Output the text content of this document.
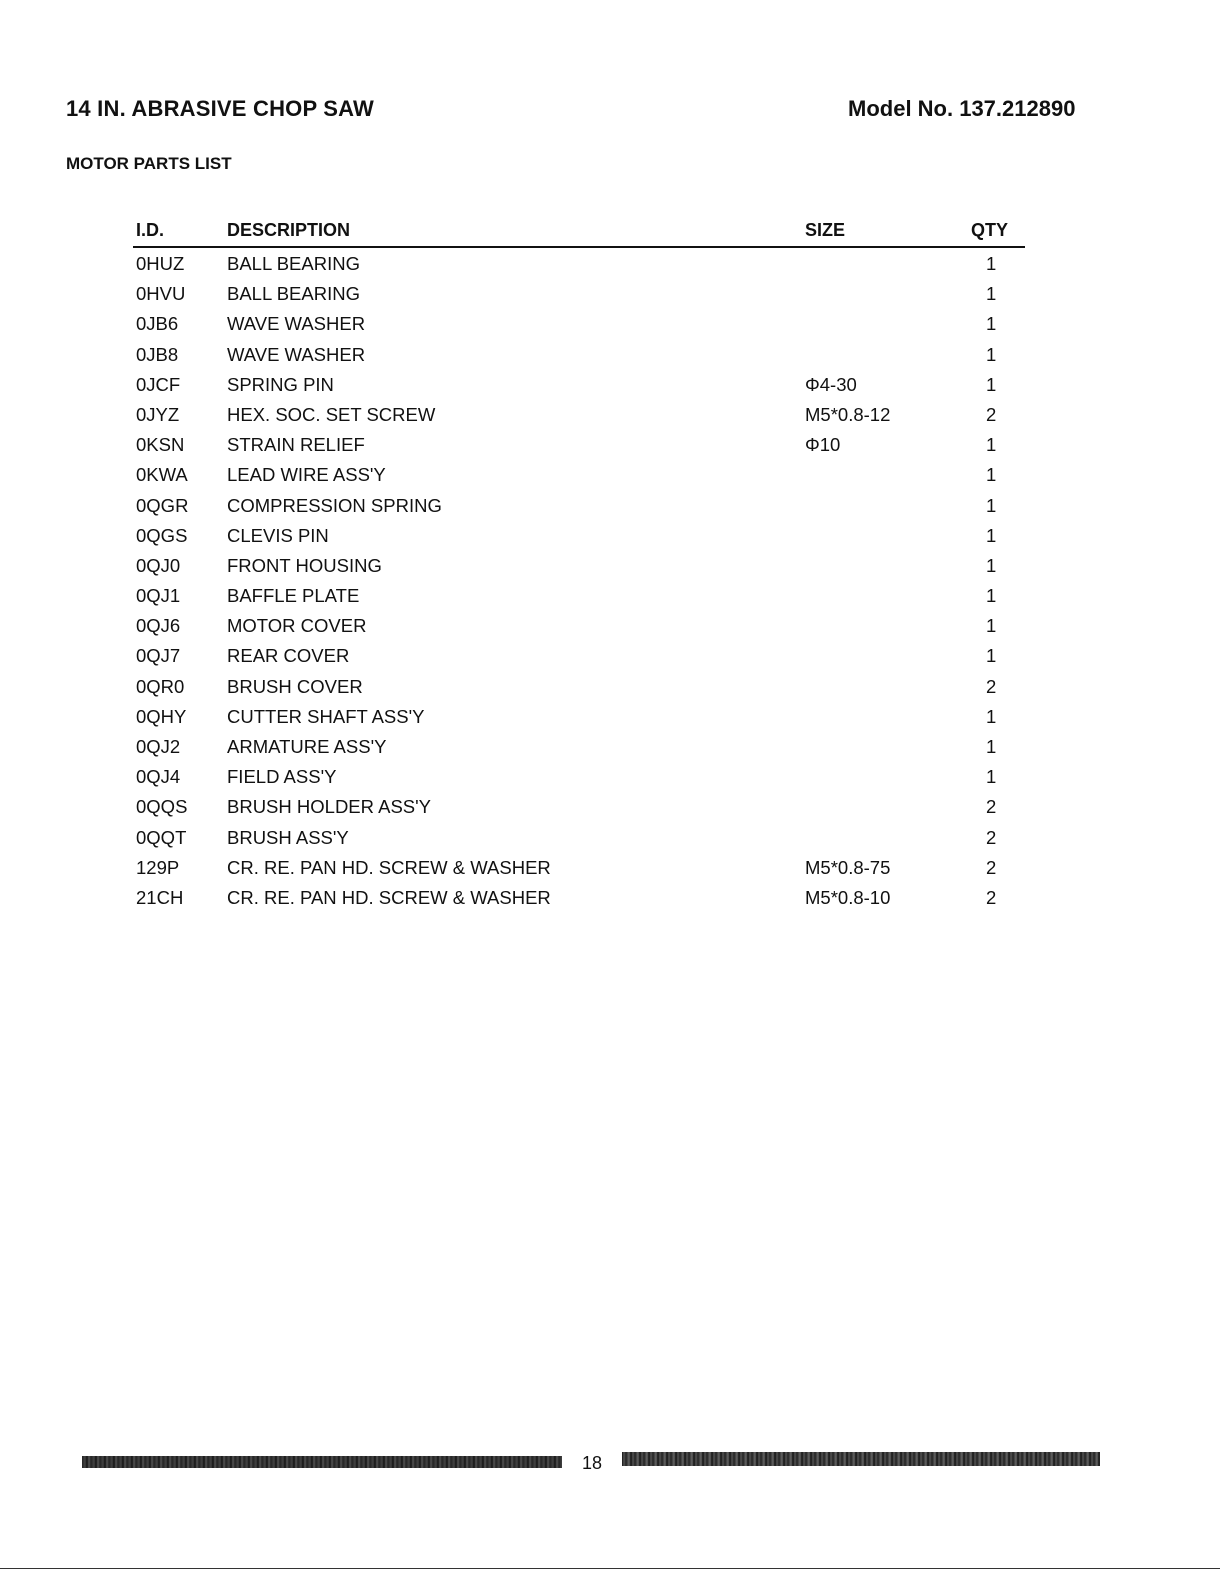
14 IN. ABRASIVE CHOP SAW	Model No. 137.212890
MOTOR PARTS LIST
I.D.	DESCRIPTION	SIZE	QTY
0HUZ BALL BEARING	1
0HVU BALL BEARING	1
0JB6	WAVE WASHER	1
0JB8	WAVE WASHER	1
0JCF	SPRING PIN	Φ4-30	1
0JYZ	HEX. SOC. SET SCREW	M5*0.8-12	2
0KSN STRAIN RELIEF	Φ10	1
0KWA LEAD WIRE ASS'Y	1
0QGR COMPRESSION SPRING	1
0QGS CLEVIS PIN	1
0QJ0	FRONT HOUSING	1
0QJ1	BAFFLE PLATE	1
0QJ6	MOTOR COVER	1
0QJ7	REAR COVER	1
0QR0 BRUSH COVER	2
0QHY CUTTER SHAFT ASS'Y	1
0QJ2	ARMATURE ASS'Y	1
0QJ4	FIELD ASS'Y	1
0QQS BRUSH HOLDER ASS'Y	2
0QQT BRUSH ASS'Y	2
129P	CR. RE. PAN HD. SCREW & WASHER	M5*0.8-75	2
21CH CR. RE. PAN HD. SCREW & WASHER	M5*0.8-10	2
18
